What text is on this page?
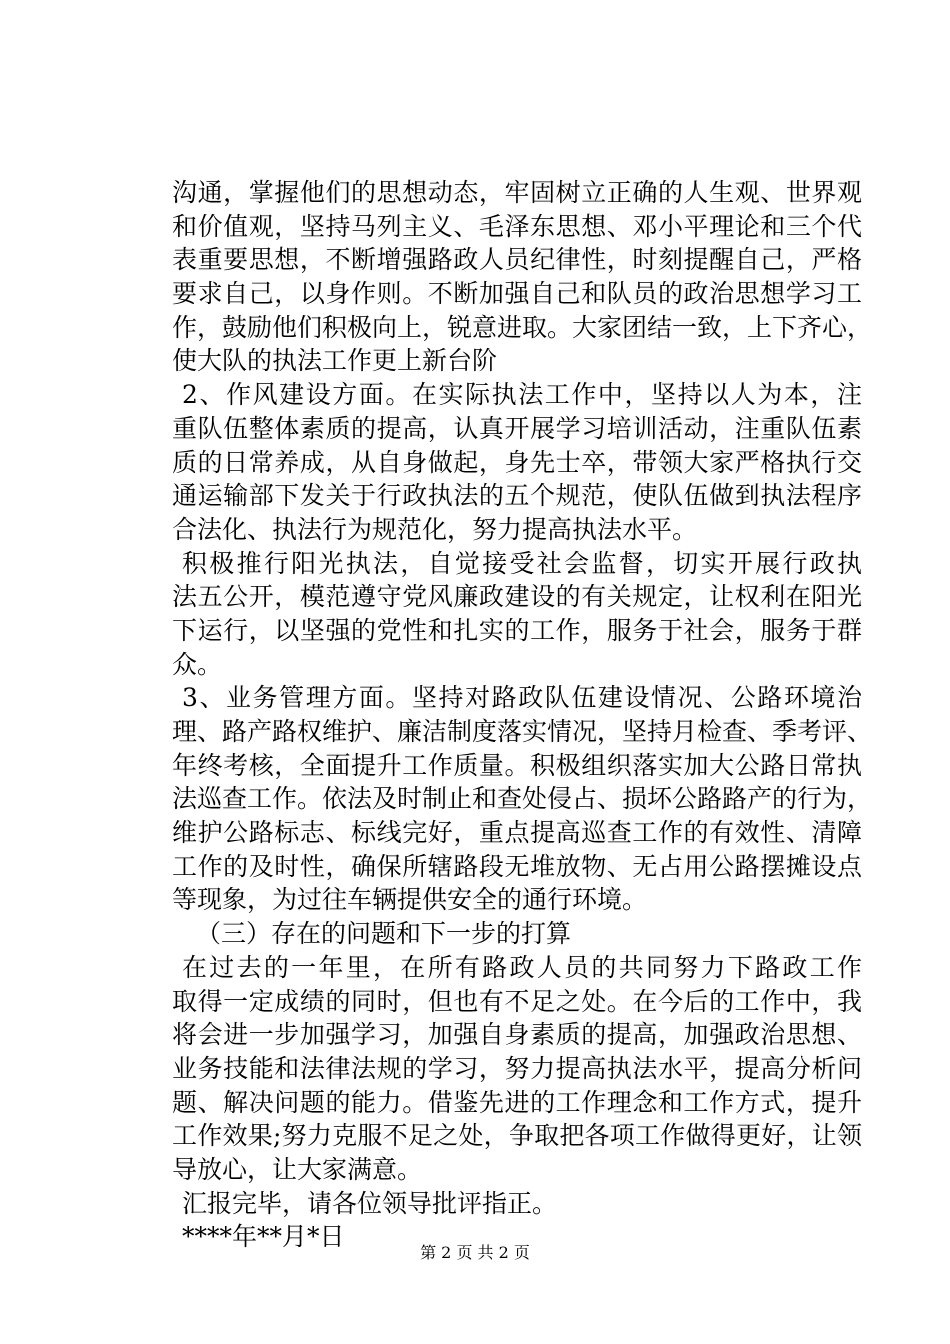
沟通，掌握他们的思想动态，牢固树立正确的人生观、世界观
和价值观，坚持马列主义、毛泽东思想、邓小平理论和三个代
表重要思想，不断增强路政人员纪律性，时刻提醒自己，严格
要求自己，以身作则。不断加强自己和队员的政治思想学习工
作，鼓励他们积极向上，锐意进取。大家团结一致，上下齐心，
使大队的执法工作更上新台阶
2、作风建设方面。在实际执法工作中，坚持以人为本，注
重队伍整体素质的提高，认真开展学习培训活动，注重队伍素
质的日常养成，从自身做起，身先士卒，带领大家严格执行交
通运输部下发关于行政执法的五个规范，使队伍做到执法程序
合法化、执法行为规范化，努力提高执法水平。
积极推行阳光执法，自觉接受社会监督，切实开展行政执
法五公开，模范遵守党风廉政建设的有关规定，让权利在阳光
下运行，以坚强的党性和扎实的工作，服务于社会，服务于群
众。
3、业务管理方面。坚持对路政队伍建设情况、公路环境治
理、路产路权维护、廉洁制度落实情况，坚持月检查、季考评、
年终考核，全面提升工作质量。积极组织落实加大公路日常执
法巡查工作。依法及时制止和查处侵占、损坏公路路产的行为，
维护公路标志、标线完好，重点提高巡查工作的有效性、清障
工作的及时性，确保所辖路段无堆放物、无占用公路摆摊设点
等现象，为过往车辆提供安全的通行环境。
（三）存在的问题和下一步的打算
在过去的一年里，在所有路政人员的共同努力下路政工作
取得一定成绩的同时，但也有不足之处。在今后的工作中，我
将会进一步加强学习，加强自身素质的提高，加强政治思想、
业务技能和法律法规的学习，努力提高执法水平，提高分析问
题、解决问题的能力。借鉴先进的工作理念和工作方式，提升
工作效果;努力克服不足之处，争取把各项工作做得更好，让领
导放心，让大家满意。
汇报完毕，请各位领导批评指正。
****年**月*日
第 2 页 共 2 页
